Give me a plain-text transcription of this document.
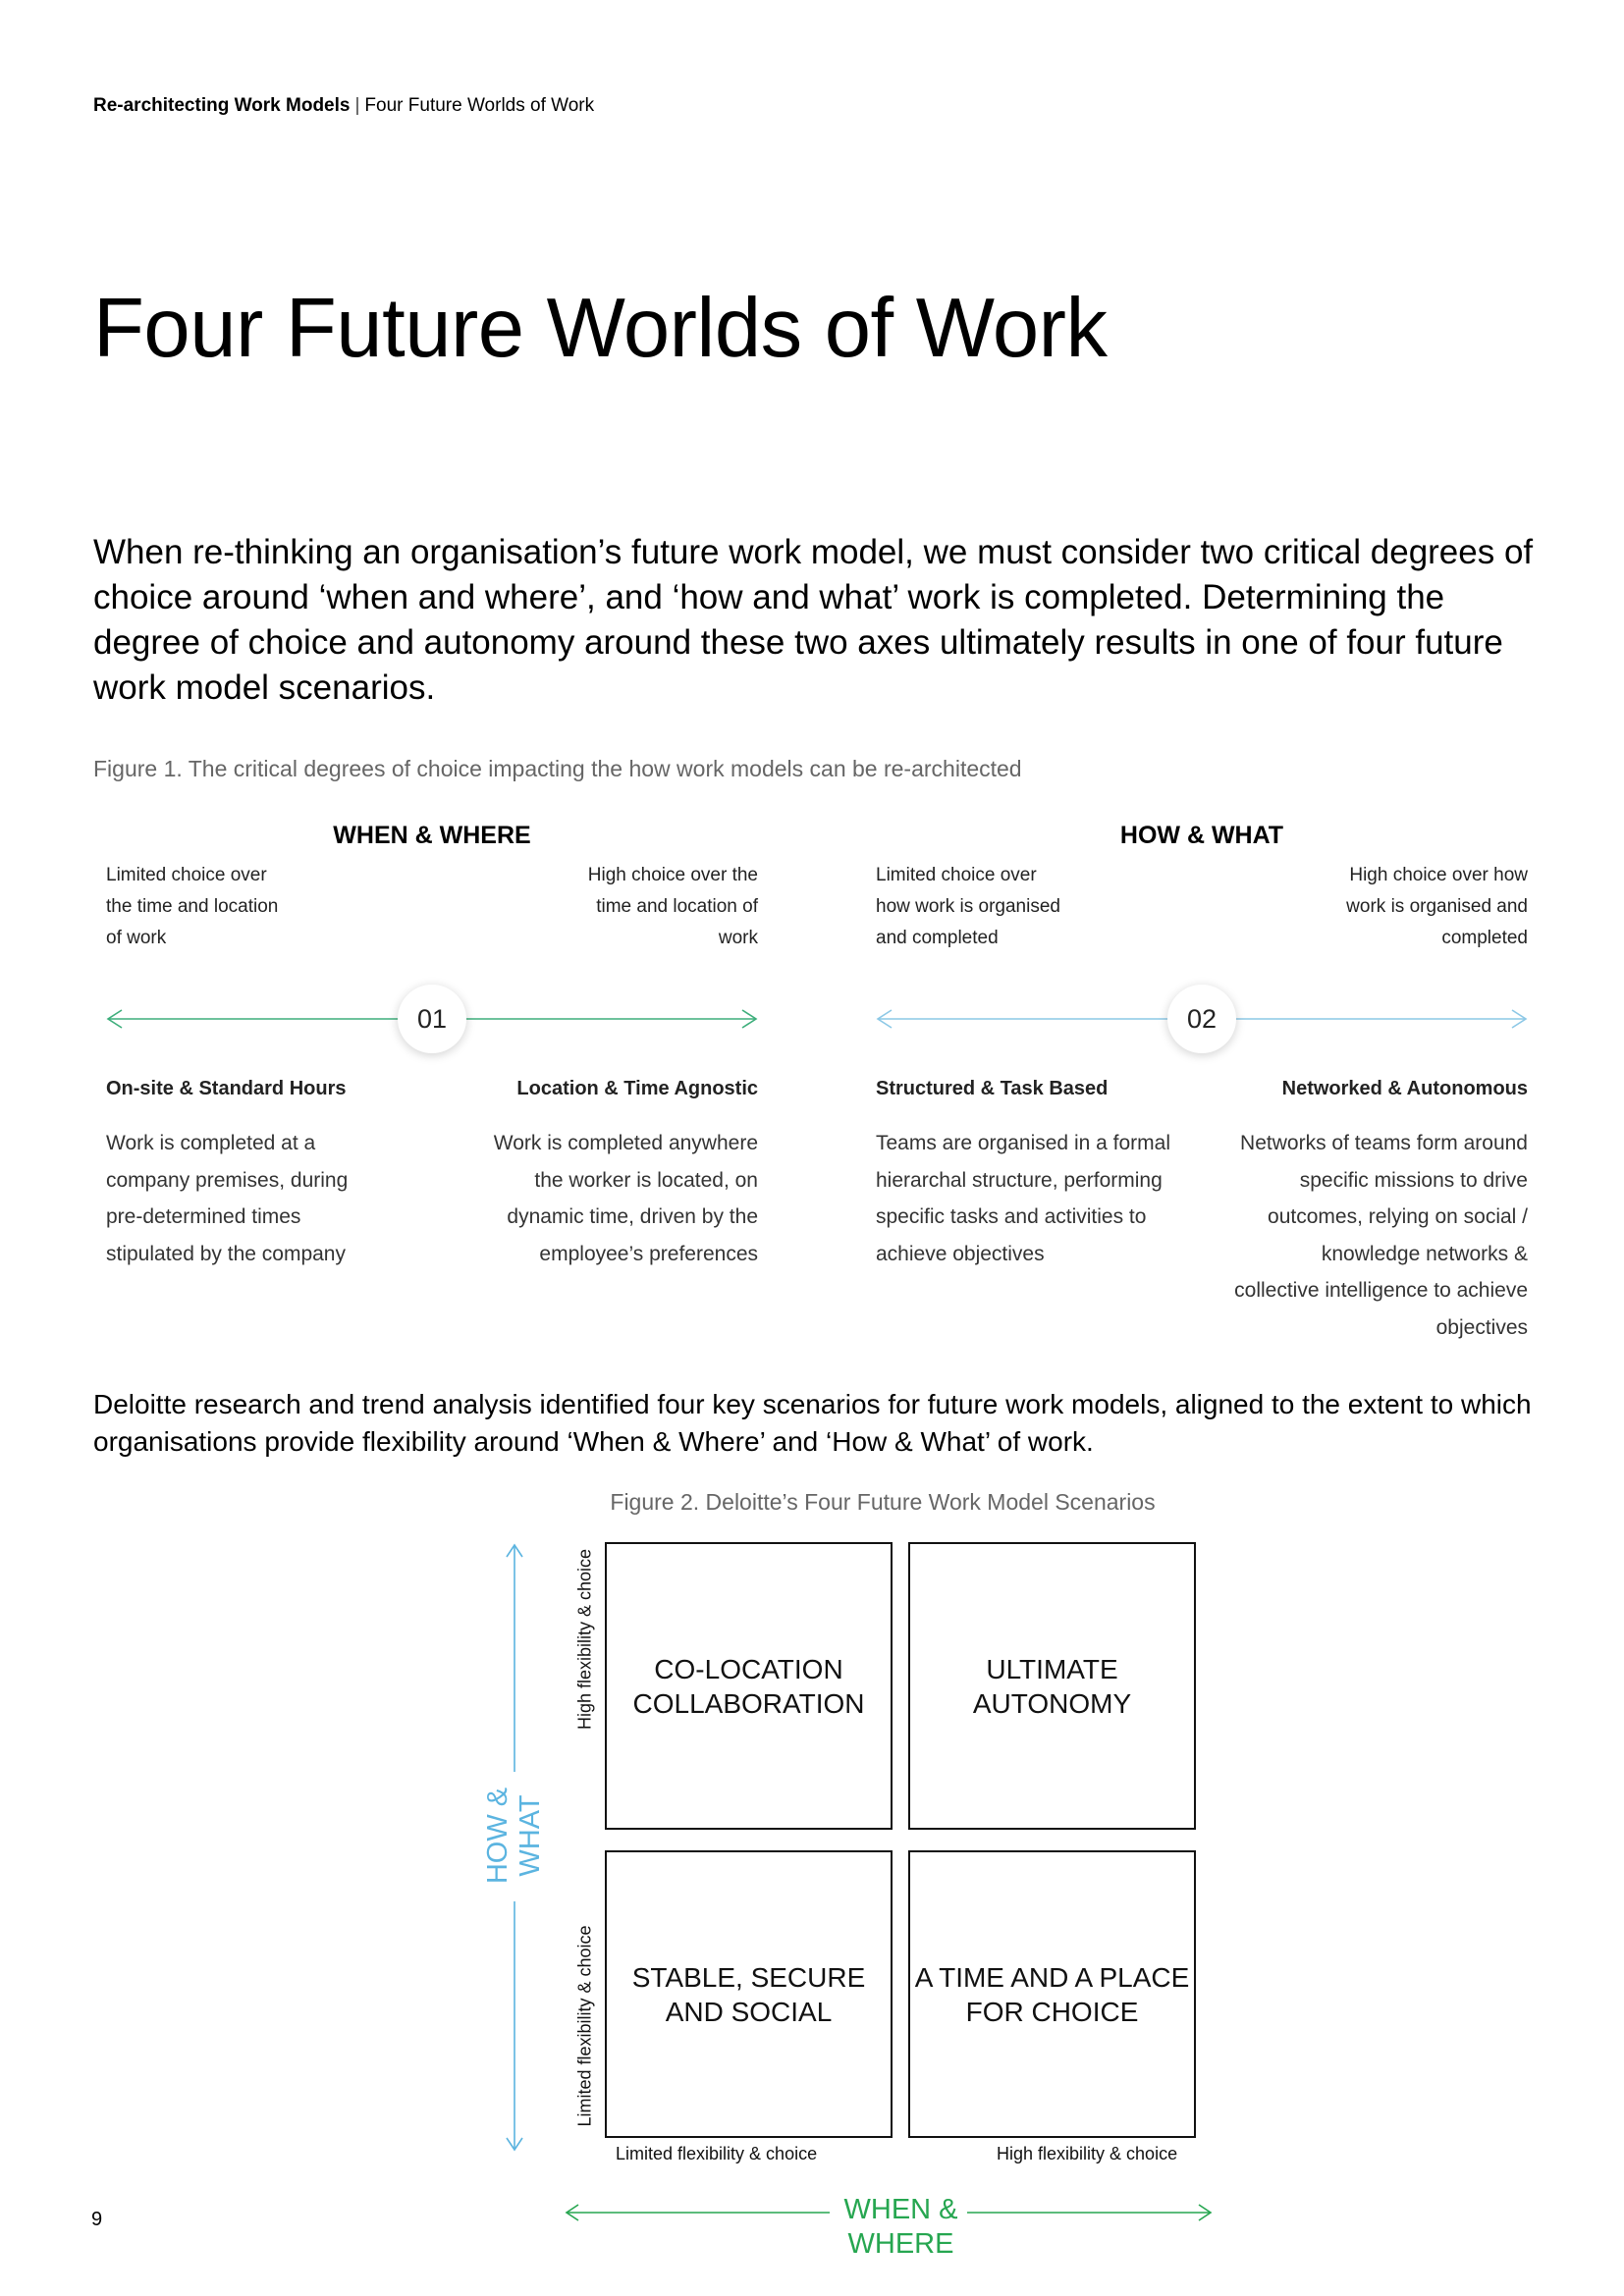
Re-architecting Work Models | Four Future Worlds of Work
Four Future Worlds of Work
When re-thinking an organisation’s future work model, we must consider two critical degrees of choice around ‘when and where’, and ‘how and what’ work is completed. Determining the degree of choice and autonomy around these two axes ultimately results in one of four future work model scenarios.
Figure 1. The critical degrees of choice impacting the how work models can be re-architected
WHEN & WHERE
Limited choice over the time and location of work
High choice over the time and location of work
01
On-site & Standard Hours	Location & Time Agnostic
Work is completed at a company premises, during pre-determined times stipulated by the company
Work is completed anywhere the worker is located, on dynamic time, driven by the employee’s preferences
HOW & WHAT
Limited choice over how work is organised and completed
High choice over how work is organised and completed
02
Structured & Task Based	Networked & Autonomous
Teams are organised in a formal hierarchal structure, performing specific tasks and activities to achieve objectives
Networks of teams form around specific missions to drive outcomes, relying on social / knowledge networks & collective intelligence to achieve objectives
Deloitte research and trend analysis identified four key scenarios for future work models, aligned to the extent to which organisations provide flexibility around ‘When & Where’ and ‘How & What’ of work.
Figure 2. Deloitte’s Four Future Work Model Scenarios
CO-LOCATION COLLABORATION
ULTIMATE AUTONOMY
STABLE, SECURE AND SOCIAL
A TIME AND A PLACE FOR CHOICE
High flexibility & choice
Limited flexibility & choice
HOW & WHAT
Limited flexibility & choice	High flexibility & choice
WHEN & WHERE
9
